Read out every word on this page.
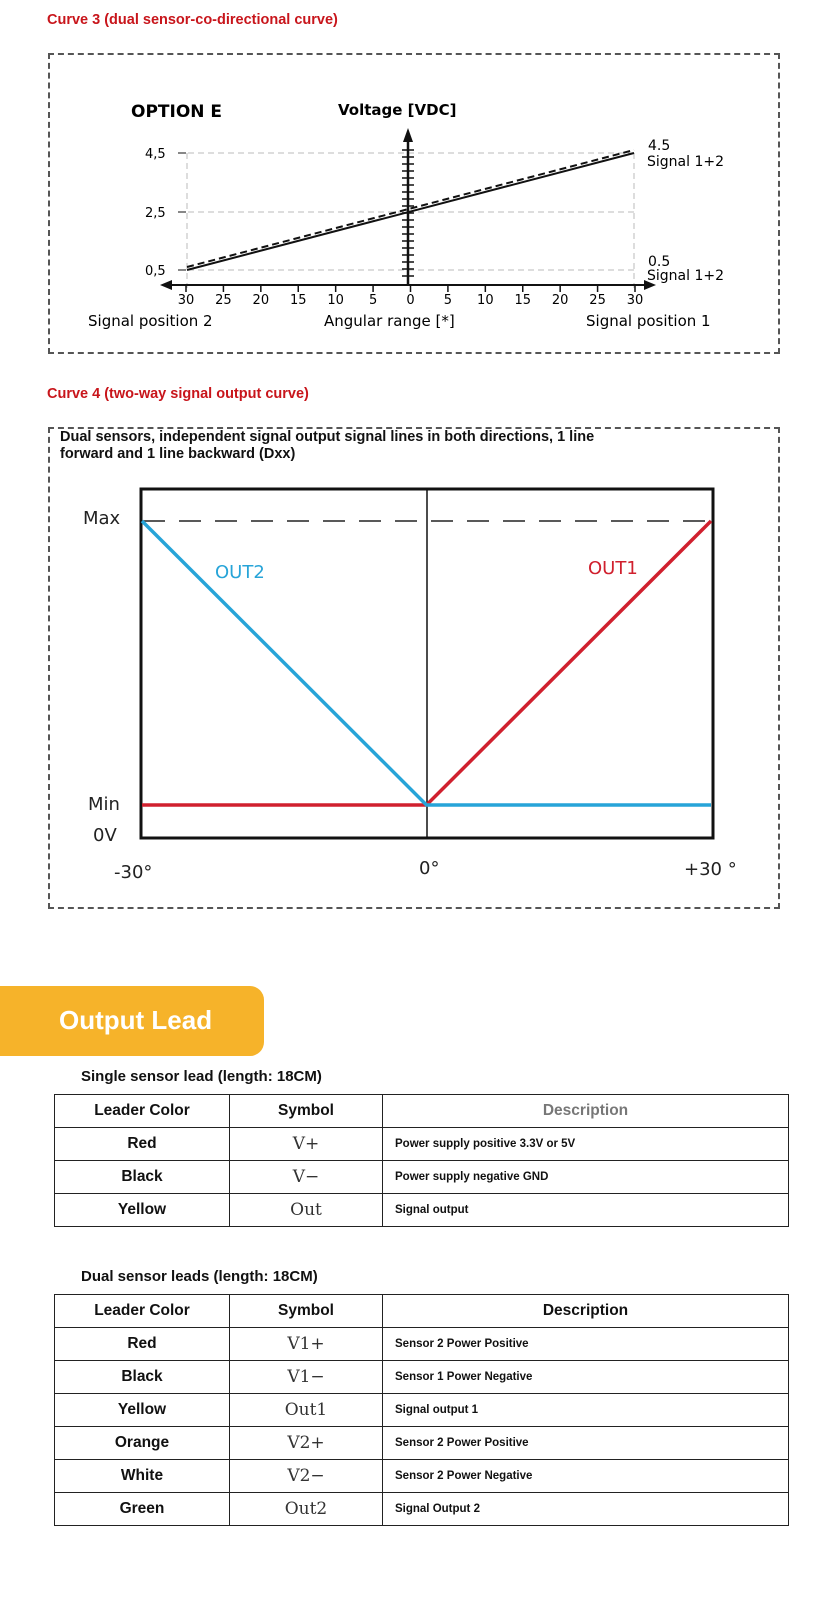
Curve 3 (dual sensor-co-directional curve)
4,5
2,5
0,5
OPTION E	Voltage [VDC]
4.5
Signal 1+2
0.5
Signal 1+2
30 25 20 15 10 5 0 5 10 15 20 25 30
Signal position 2	Angular range [*]	Signal position 1
Curve 4 (two-way signal output curve)
Dual sensors, independent signal output signal lines in both directions, 1 line
forward and 1 line backward (Dxx)
Max
Min
0V
-30°	0°	+30 °
OUT1
OUT2
Output Lead
Single sensor lead (length: 18CM)
Leader Color	Symbol	Description
Red	V+	Power supply positive 3.3V or 5V
Black	V−	Power supply negative GND
Yellow	Out	Signal output
Dual sensor leads (length: 18CM)
Leader Color	Symbol	Description
Red	V1+	Sensor 2 Power Positive
Black	V1−	Sensor 1 Power Negative
Yellow	Out1	Signal output 1
Orange	V2+	Sensor 2 Power Positive
White	V2−	Sensor 2 Power Negative
Green	Out2	Signal Output 2
